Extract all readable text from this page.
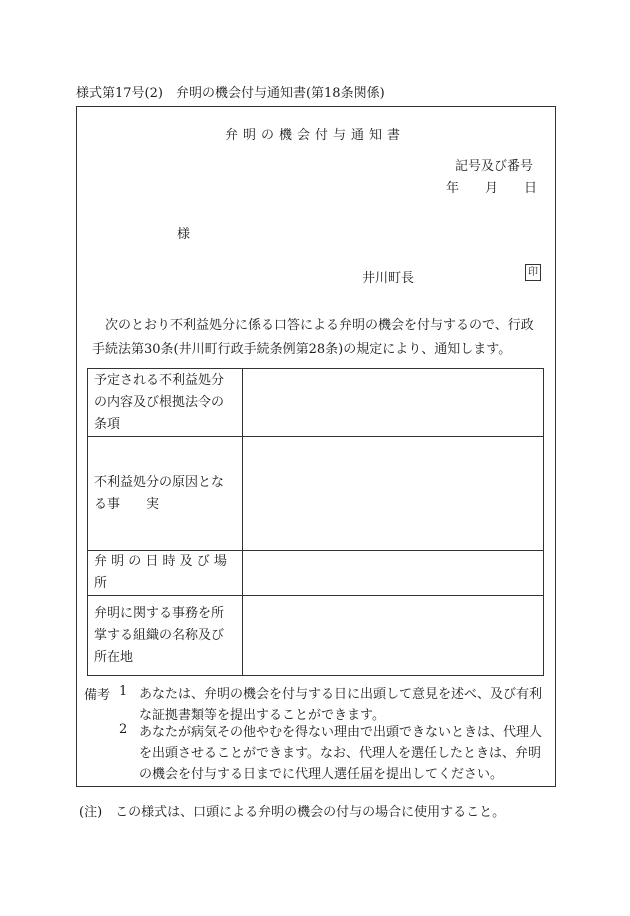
様式第17号(2)　弁明の機会付与通知書(第18条関係)
弁明の機会付与通知書
記号及び番号
年 月 日
様
井川町長	印
次のとおり不利益処分に係る口答による弁明の機会を付与するので、行政手続法第30条(井川町行政手続条例第28条)の規定により、通知します。
予定される不利益処分の内容及び根拠法令の条項	
不利益処分の原因となる事　　実	
弁 明 の 日 時 及 び 場 所	
弁明に関する事務を所掌する組織の名称及び所在地	
備考 1 あなたは、弁明の機会を付与する日に出頭して意見を述べ、及び有利な証拠書類等を提出することができます。
2 あなたが病気その他やむを得ない理由で出頭できないときは、代理人を出頭させることができます。なお、代理人を選任したときは、弁明の機会を付与する日までに代理人選任届を提出してください。
(注)　この様式は、口頭による弁明の機会の付与の場合に使用すること。
